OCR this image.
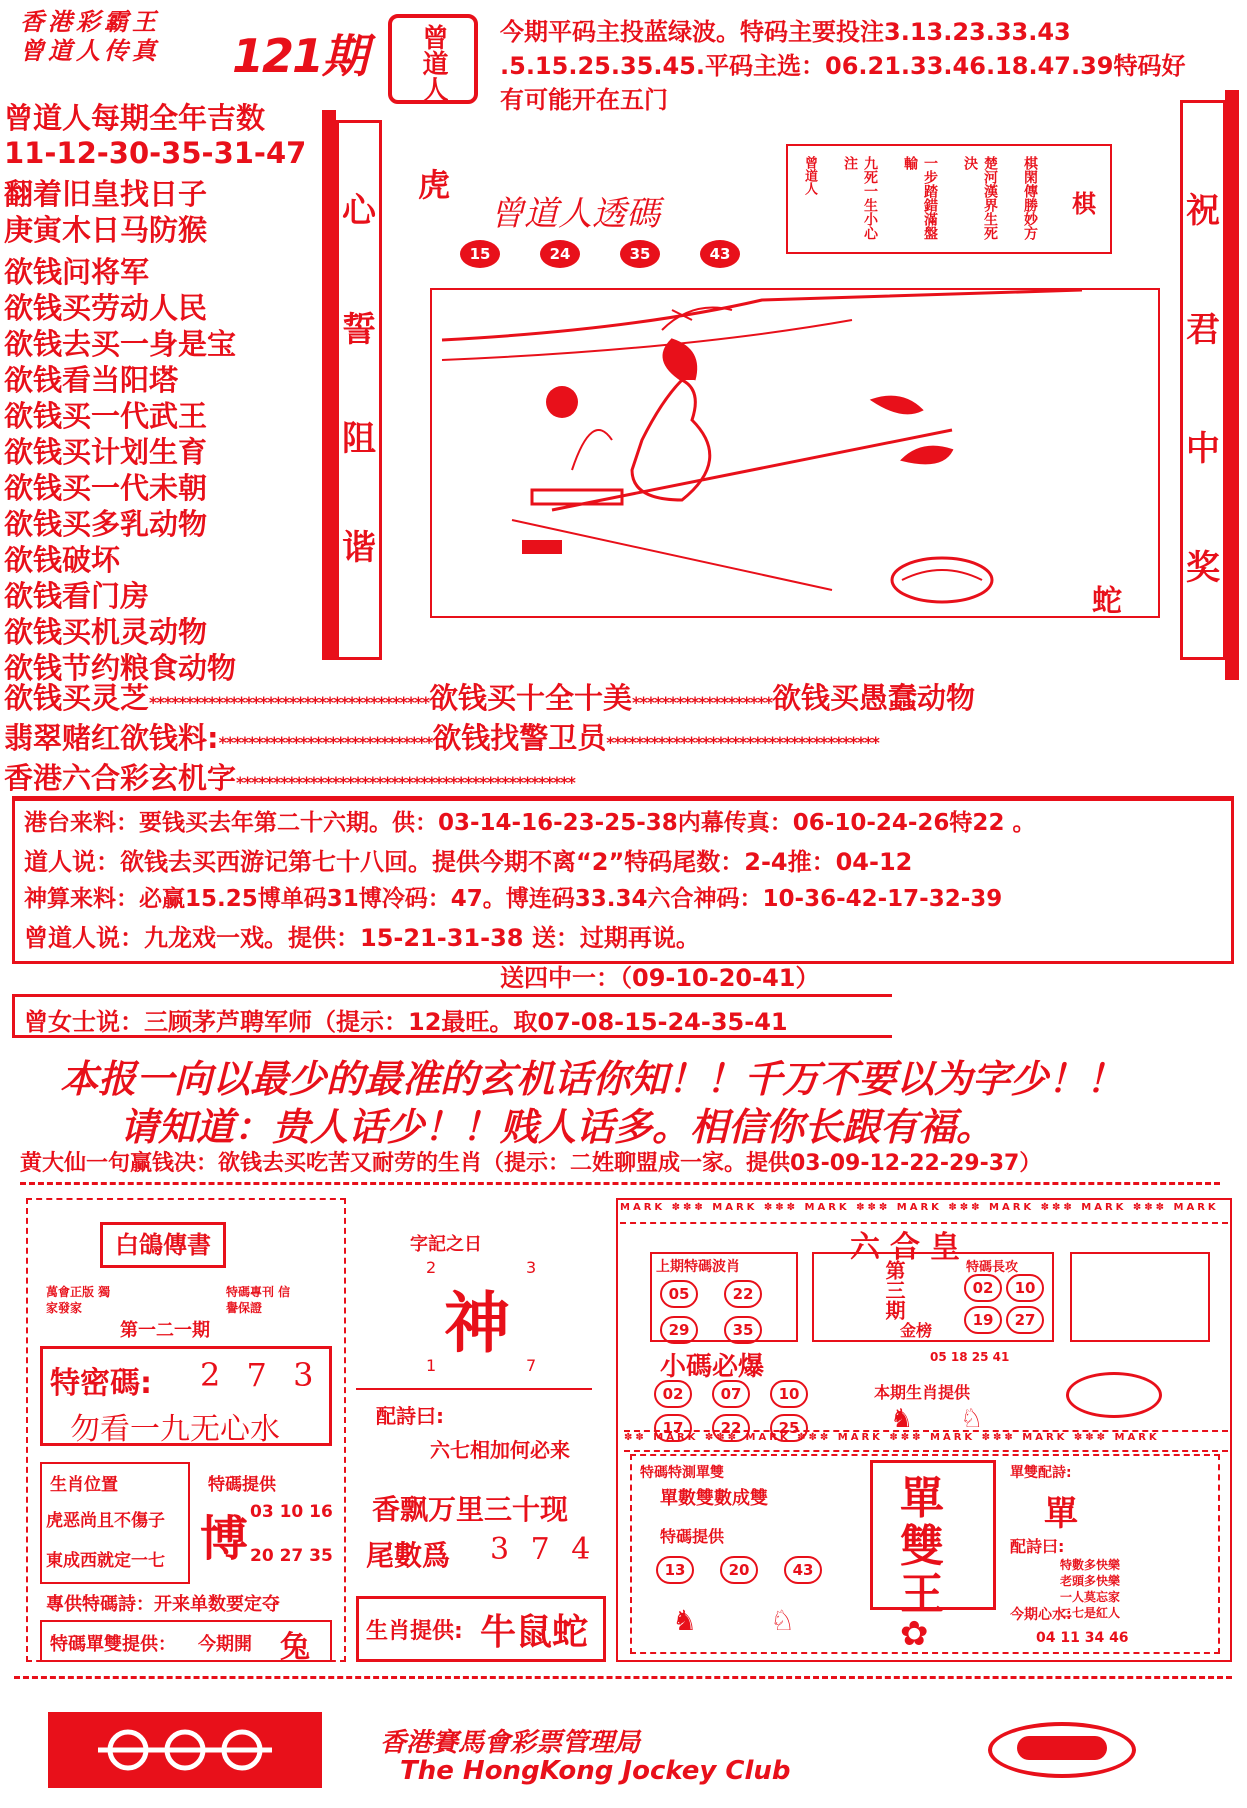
香港彩霸王
曾道人传真	121期 曾道人 今期平码主投蓝绿波。特码主要投注3.13.23.33.43
.5.15.25.35.45.平码主选：06.21.33.46.18.47.39特码好
有可能开在五门
曾道人每期全年吉数
11-12-30-35-31-47
翻着旧皇找日子
庚寅木日马防猴
欲钱问将军
欲钱买劳动人民
欲钱去买一身是宝
欲钱看当阳塔
欲钱买一代武王
欲钱买计划生育
欲钱买一代未朝
欲钱买多乳动物
欲钱破坏
欲钱看门房
欲钱买机灵动物
欲钱节约粮食动物
心
誓
阻
谐
祝
君
中
奖
虎
曾道人透碼
15	24	35	43
曾道人	九死一生小心注	一步踏錯滿盤輸	楚河漢界生死決	棋閑傳勝妙方 棋
蛇
欲钱买灵芝**************************************欲钱买十全十美*******************欲钱买愚蠢动物
翡翠赌红欲钱料:*****************************欲钱找警卫员*************************************
香港六合彩玄机字**********************************************
港台来料：要钱买去年第二十六期。供：03-14-16-23-25-38内幕传真：06-10-24-26特22 。
道人说：欲钱去买西游记第七十八回。提供今期不离“2”特码尾数：2-4推：04-12
神算来料：必赢15.25博单码31博冷码：47。博连码33.34六合神码：10-36-42-17-32-39
曾道人说：九龙戏一戏。提供：15-21-31-38 送：过期再说。
送四中一：（09-10-20-41）
曾女士说：三顾茅芦聘军师（提示：12最旺。取07-08-15-24-35-41
本报一向以最少的最准的玄机话你知！！千万不要以为字少！！
请知道：贵人话少！！贱人话多。相信你长跟有福。
黄大仙一句赢钱决：欲钱去买吃苦又耐劳的生肖（提示：二姓聊盟成一家。提供03-09-12-22-29-37）
白鴿傳書
萬會正版 獨家發家
特碼專刊 信譽保證
第一二一期
特密碼: 2 7 3
勿看一九无心水
生肖位置
虎恶尚且不傷子
東成西就定一七
特碼提供
博 03 10 16
20 27 35
專供特碼詩：开来单数要定夺
特碼單雙提供： 今期開 兔
字記之日
2	3
神
1	7
配詩曰:
六七相加何必来
香飘万里三十现
尾數爲 3 7 4
生肖提供: 牛鼠蛇
MARK ✽✽✽ MARK ✽✽✽ MARK ✽✽✽ MARK ✽✽✽ MARK ✽✽✽ MARK ✽✽✽ MARK
六合皇
上期特碼波肖
05	22
29	35
第三期
金榜
特碼長攻
02 10 19 27
小碼必爆	05 18 25 41
02 07 10
17 22 25
本期生肖提供
♞ ♘
✽✽ MARK ✽✽✽ MARK ✽✽✽ MARK ✽✽✽ MARK ✽✽✽ MARK ✽✽✽ MARK
特碼特測單雙
單數雙數成雙
特碼提供
13	20	43
♞	♘
單
雙
王
✿
單雙配詩:
單
配詩曰:
特數多快樂
老頭多快樂
一人莫忘家
二七是紅人
今期心水:
04 11 34 46
香港賽馬會彩票管理局
The HongKong Jockey Club
